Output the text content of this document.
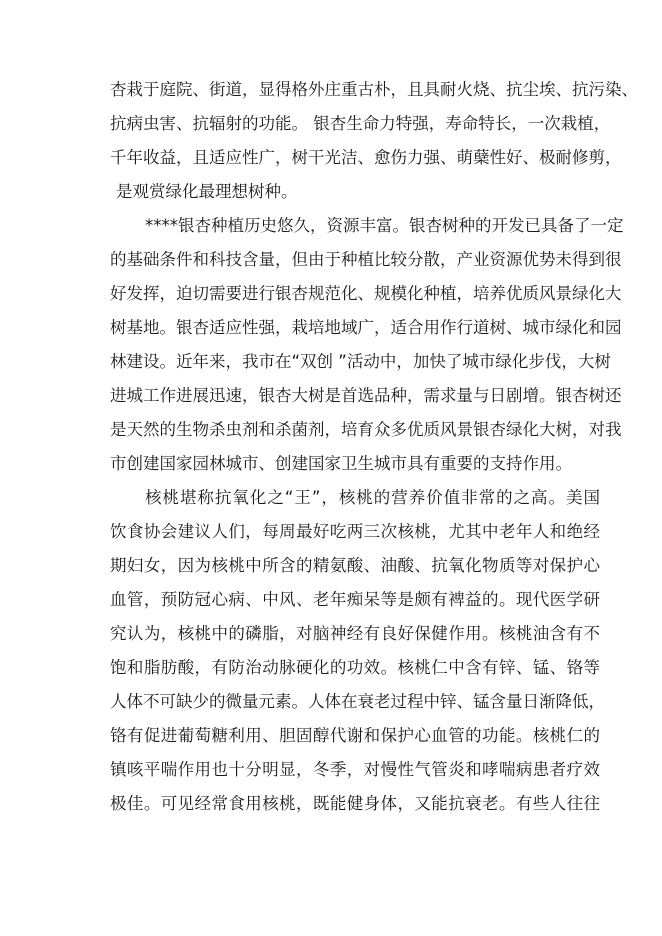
杏栽于庭院、街道，显得格外庄重古朴，且具耐火烧、抗尘埃、抗污染、
抗病虫害、抗辐射的功能。 银杏生命力特强，寿命特长，一次栽植，
千年收益，且适应性广，树干光洁、愈伤力强、萌蘖性好、极耐修剪，
是观赏绿化最理想树种。
****银杏种植历史悠久，资源丰富。银杏树种的开发已具备了一定
的基础条件和科技含量，但由于种植比较分散，产业资源优势未得到很
好发挥，迫切需要进行银杏规范化、规模化种植，培养优质风景绿化大
树基地。银杏适应性强，栽培地域广，适合用作行道树、城市绿化和园
林建设。近年来，我市在“双创 ”活动中，加快了城市绿化步伐，大树
进城工作进展迅速，银杏大树是首选品种，需求量与日剧增。银杏树还
是天然的生物杀虫剂和杀菌剂，培育众多优质风景银杏绿化大树，对我
市创建国家园林城市、创建国家卫生城市具有重要的支持作用。
核桃堪称抗氧化之“王”，核桃的营养价值非常的之高。美国
饮食协会建议人们，每周最好吃两三次核桃，尤其中老年人和绝经
期妇女，因为核桃中所含的精氨酸、油酸、抗氧化物质等对保护心
血管，预防冠心病、中风、老年痴呆等是颇有裨益的。现代医学研
究认为，核桃中的磷脂，对脑神经有良好保健作用。核桃油含有不
饱和脂肪酸，有防治动脉硬化的功效。核桃仁中含有锌、锰、铬等
人体不可缺少的微量元素。人体在衰老过程中锌、锰含量日渐降低，
铬有促进葡萄糖利用、胆固醇代谢和保护心血管的功能。核桃仁的
镇咳平喘作用也十分明显，冬季，对慢性气管炎和哮喘病患者疗效
极佳。可见经常食用核桃，既能健身体，又能抗衰老。有些人往往
